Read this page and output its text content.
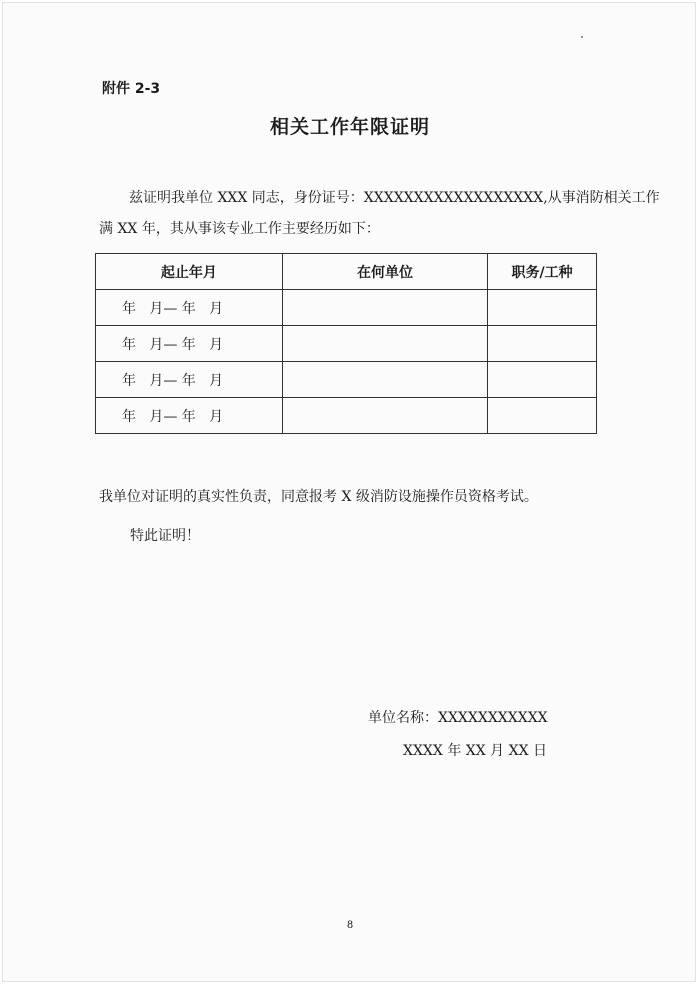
附件 2-3
相关工作年限证明
兹证明我单位 XXX 同志，身份证号：XXXXXXXXXXXXXXXXXX,从事消防相关工作满 XX 年，其从事该专业工作主要经历如下：
起止年月	在何单位	职务/工种
年   月— 年   月		
年   月— 年   月		
年   月— 年   月		
年   月— 年   月		
我单位对证明的真实性负责，同意报考 X 级消防设施操作员资格考试。
特此证明！
单位名称：XXXXXXXXXXX
XXXX 年 XX 月 XX 日
8
